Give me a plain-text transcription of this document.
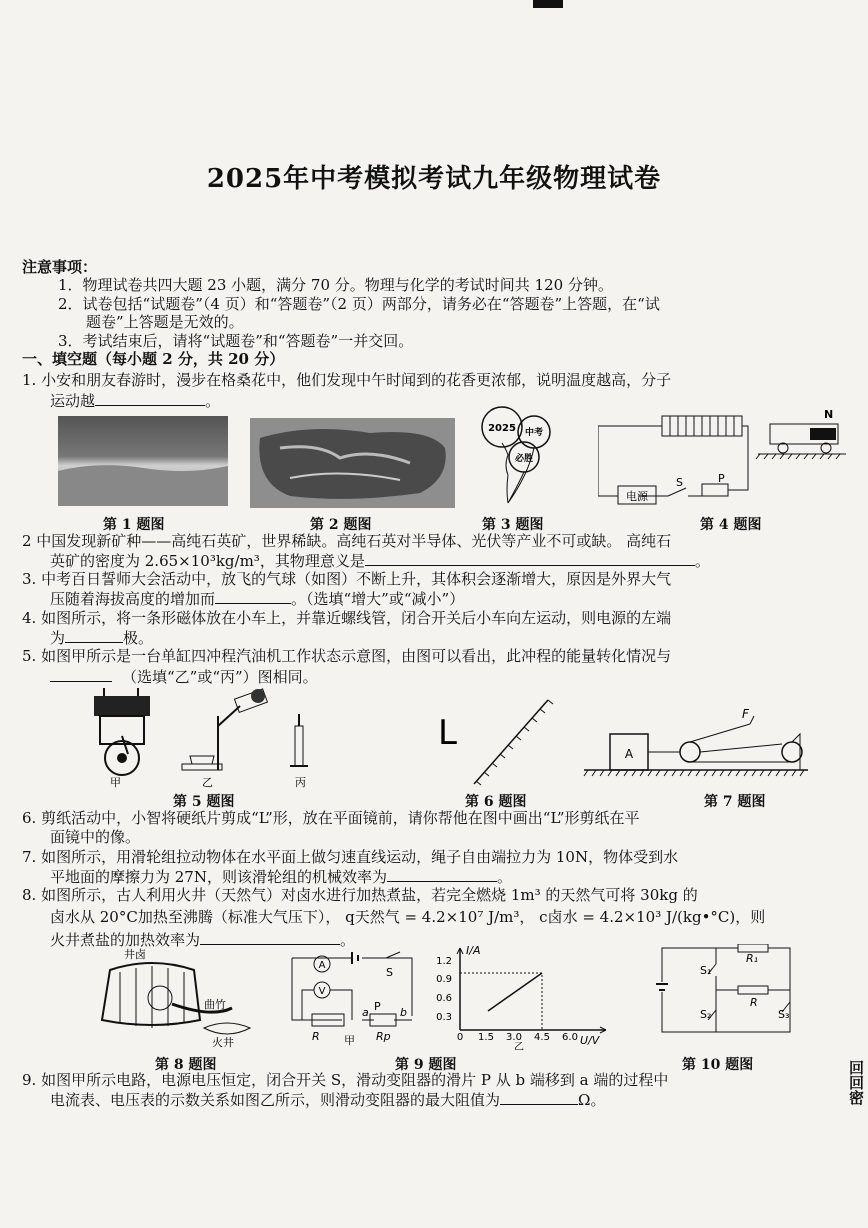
2025年中考模拟考试九年级物理试卷
注意事项：
1．物理试卷共四大题 23 小题，满分 70 分。物理与化学的考试时间共 120 分钟。
2．试卷包括“试题卷”（4 页）和“答题卷”（2 页）两部分，请务必在“答题卷”上答题，在“试
题卷”上答题是无效的。
3．考试结束后，请将“试题卷”和“答题卷”一并交回。
一、填空题（每小题 2 分，共 20 分）
1. 小安和朋友春游时，漫步在格桑花中，他们发现中午时闻到的花香更浓郁，说明温度越高，分子
运动越	。
2025 中考
必胜
电源
S	P
N
第 1 题图	第 2 题图	第 3 题图	第 4 题图
2 中国发现新矿种——高纯石英矿，世界稀缺。高纯石英对半导体、光伏等产业不可或缺。 高纯石
英矿的密度为 2.65×10³kg/m³，其物理意义是	。
3. 中考百日誓师大会活动中，放飞的气球（如图）不断上升，其体积会逐渐增大，原因是外界大气
压随着海拔高度的增加而	。（选填“增大”或“减小”）
4. 如图所示，将一条形磁体放在小车上，并靠近螺线管，闭合开关后小车向左运动，则电源的左端
为	极。
5. 如图甲所示是一台单缸四冲程汽油机工作状态示意图，由图可以看出，此冲程的能量转化情况与
（选填“乙”或“丙”）图相同。
甲	乙	丙
L
A
F
第 5 题图	第 6 题图	第 7 题图
6. 剪纸活动中，小智将硬纸片剪成“L”形，放在平面镜前，请你帮他在图中画出“L”形剪纸在平
面镜中的像。
7. 如图所示，用滑轮组拉动物体在水平面上做匀速直线运动，绳子自由端拉力为 10N，物体受到水
平地面的摩擦力为 27N，则该滑轮组的机械效率为	。
8. 如图所示，古人利用火井（天然气）对卤水进行加热煮盐，若完全燃烧 1m³ 的天然气可将 30kg 的
卤水从 20°C加热至沸腾（标准大气压下）， q天然气 = 4.2×10⁷ J/m³， c卤水 = 4.2×10³ J/(kg•°C)，则
火井煮盐的加热效率为	。
井卤
曲竹
火井
S
A
V
R
P
a	b
Rp
甲
I/A
U/V
1.2
0.9
0.6
0.3
0 1.5 3.0 4.5 6.0
乙
R₁
R
S₁
S₂	S₃
第 8 题图	第 9 题图	第 10 题图
9. 如图甲所示电路，电源电压恒定，闭合开关 S，滑动变阻器的滑片 P 从 b 端移到 a 端的过程中
电流表、电压表的示数关系如图乙所示，则滑动变阻器的最大阻值为	Ω。	回回密
